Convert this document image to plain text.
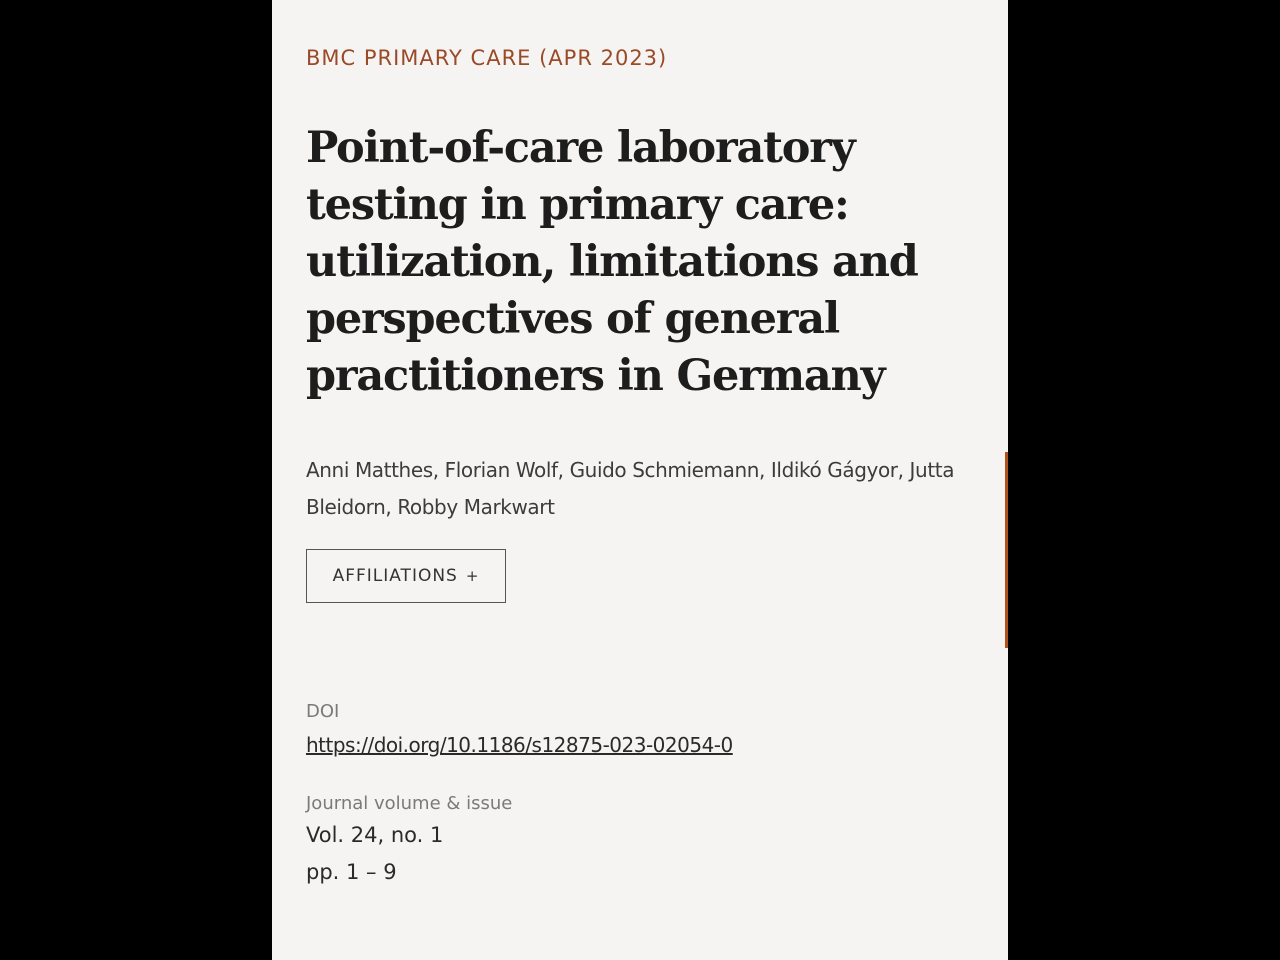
BMC PRIMARY CARE (APR 2023)
Point-of-care laboratory testing in primary care: utilization, limitations and perspectives of general practitioners in Germany
Anni Matthes, Florian Wolf, Guido Schmiemann, Ildikó Gágyor, Jutta Bleidorn, Robby Markwart
AFFILIATIONS +
DOI
https://doi.org/10.1186/s12875-023-02054-0
Journal volume & issue
Vol. 24, no. 1
pp. 1 – 9
